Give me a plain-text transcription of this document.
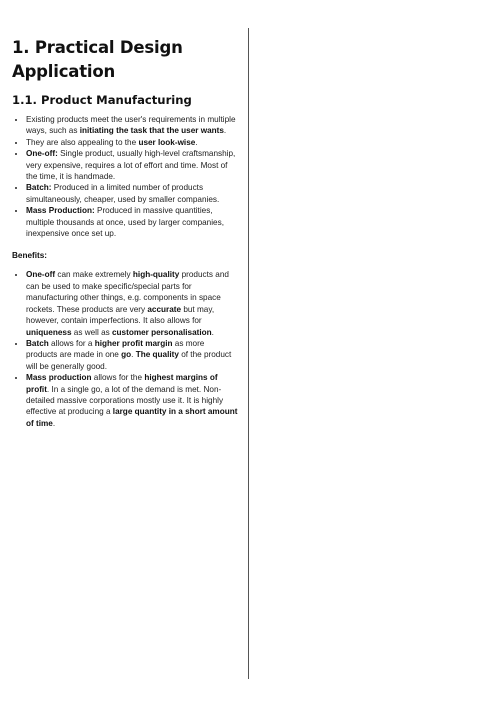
1. Practical Design Application
1.1. Product Manufacturing
• Existing products meet the user's requirements in multiple ways, such as initiating the task that the user wants.
• They are also appealing to the user look-wise.
• One-off: Single product, usually high-level craftsmanship, very expensive, requires a lot of effort and time. Most of the time, it is handmade.
• Batch: Produced in a limited number of products simultaneously, cheaper, used by smaller companies.
• Mass Production: Produced in massive quantities, multiple thousands at once, used by larger companies, inexpensive once set up.
Benefits:
• One-off can make extremely high-quality products and can be used to make specific/special parts for manufacturing other things, e.g. components in space rockets. These products are very accurate but may, however, contain imperfections. It also allows for uniqueness as well as customer personalisation.
• Batch allows for a higher profit margin as more products are made in one go. The quality of the product will be generally good.
• Mass production allows for the highest margins of profit. In a single go, a lot of the demand is met. Non-detailed massive corporations mostly use it. It is highly effective at producing a large quantity in a short amount of time.
